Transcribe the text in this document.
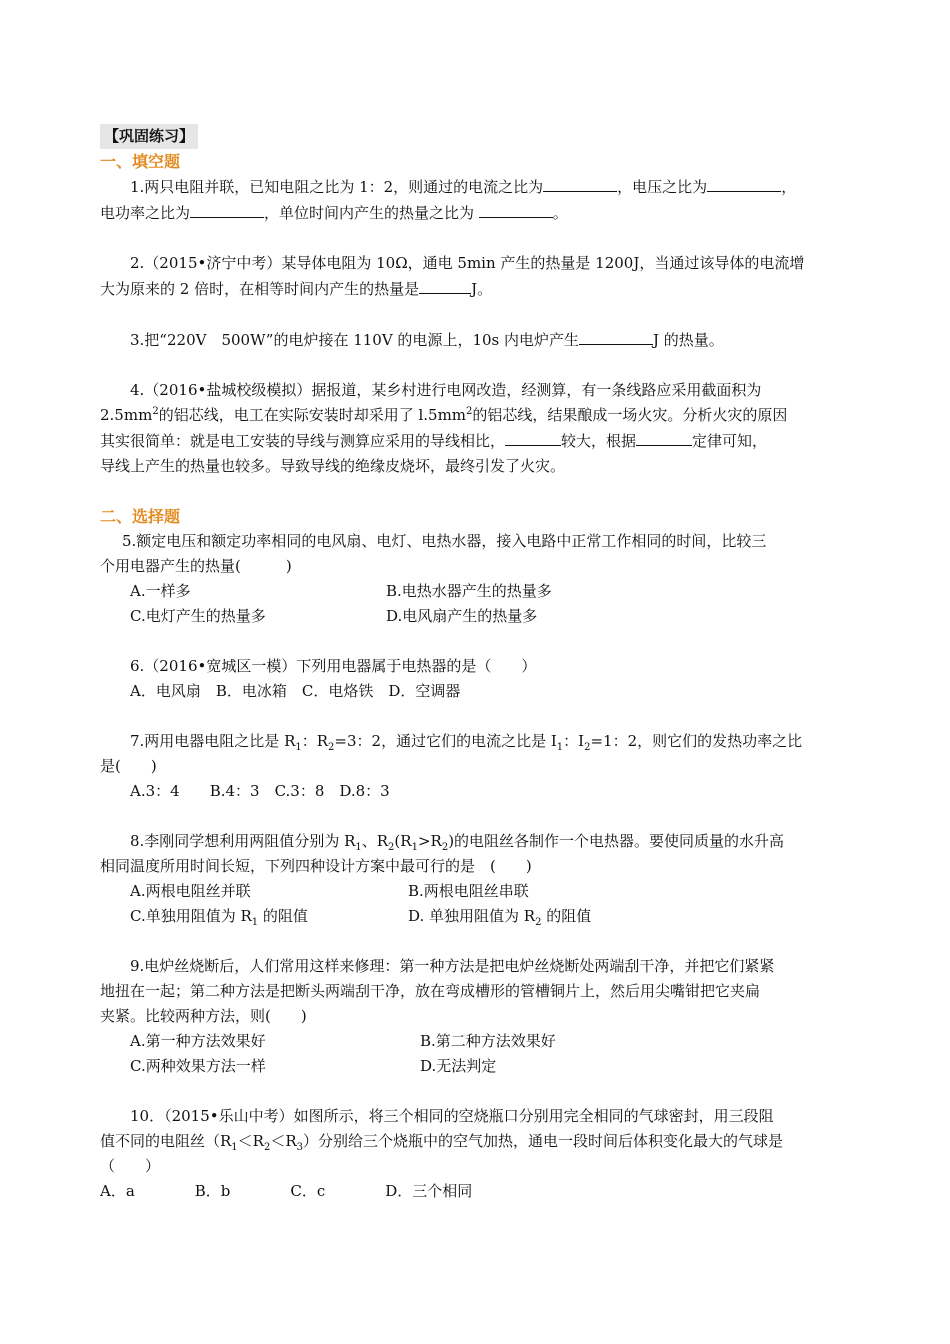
【巩固练习】
一、填空题
1.两只电阻并联，已知电阻之比为 1：2，则通过的电流之比为	，电压之比为	，
电功率之比为	，单位时间内产生的热量之比为	。
2.（2015•济宁中考）某导体电阻为 10Ω，通电 5min 产生的热量是 1200J，当通过该导体的电流增
大为原来的 2 倍时，在相等时间内产生的热量是	J。
3.把“220V　500W”的电炉接在 110V 的电源上，10s 内电炉产生	J 的热量。
4.（2016•盐城校级模拟）据报道，某乡村进行电网改造，经测算，有一条线路应采用截面积为
$2.5mm^2$的铝芯线，电工在实际安装时却采用了 $l.5mm^2$的铝芯线，结果酿成一场火灾。分析火灾的原因
其实很简单：就是电工安装的导线与测算应采用的导线相比，	较大，根据	定律可知，
导线上产生的热量也较多。导致导线的绝缘皮烧坏，最终引发了火灾。
二、选择题
5.额定电压和额定功率相同的电风扇、电灯、电热水器，接入电路中正常工作相同的时间，比较三
个用电器产生的热量(　　　)
A.一样多	B.电热水器产生的热量多
C.电灯产生的热量多	D.电风扇产生的热量多
6.（2016•宽城区一模）下列用电器属于电热器的是（　　）
A．电风扇　B．电冰箱　C．电烙铁　D．空调器
7.两用电器电阻之比是 $R_1$：$R_2=3$：2，通过它们的电流之比是 $I_1$：$I_2=1$：2，则它们的发热功率之比
是(　　)
A.3：4　　B.4：3　C.3：8　D.8：3
8.李刚同学想利用两阻值分别为 $R_1$、$R_2(R_1>R_2)$的电阻丝各制作一个电热器。要使同质量的水升高
相同温度所用时间长短，下列四种设计方案中最可行的是　(　　)
A.两根电阻丝并联	B.两根电阻丝串联
C.单独用阻值为 $R_1$ 的阻值	D. 单独用阻值为 $R_2$ 的阻值
9.电炉丝烧断后，人们常用这样来修理：第一种方法是把电炉丝烧断处两端刮干净，并把它们紧紧
地扭在一起；第二种方法是把断头两端刮干净，放在弯成槽形的管槽铜片上，然后用尖嘴钳把它夹扁
夹紧。比较两种方法，则(　　)
A.第一种方法效果好	B.第二种方法效果好
C.两种效果方法一样	D.无法判定
10．（2015•乐山中考）如图所示，将三个相同的空烧瓶口分别用完全相同的气球密封，用三段阻
值不同的电阻丝$(R_1<R_2<R_3)$分别给三个烧瓶中的空气加热，通电一段时间后体积变化最大的气球是
（　　）
A．a　　　　B．b　　　　C．c　　　　D．三个相同
